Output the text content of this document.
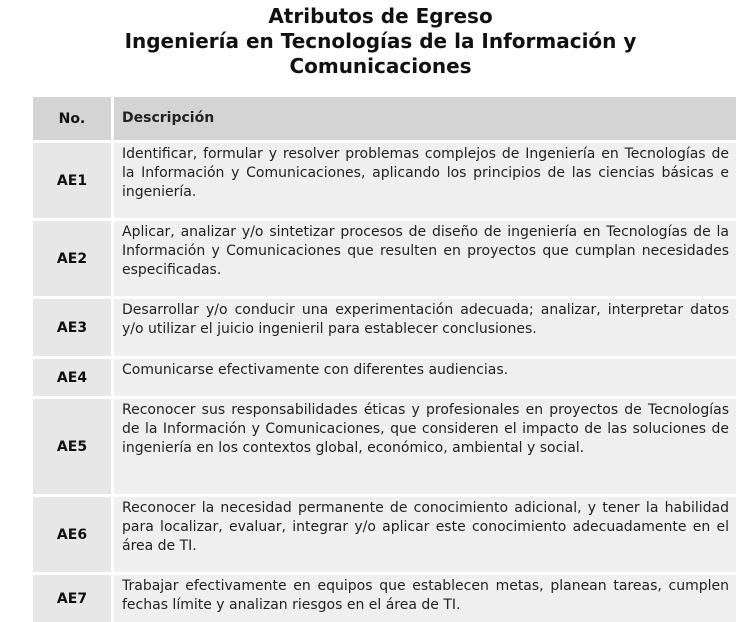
Atributos de Egreso
Ingeniería en Tecnologías de la Información y
Comunicaciones
No.	Descripción
AE1
Identificar, formular y resolver problemas complejos de Ingeniería en Tecnologías de la Información y Comunicaciones, aplicando los principios de las ciencias básicas e ingeniería.
AE2
Aplicar, analizar y/o sintetizar procesos de diseño de ingeniería en Tecnologías de la Información y Comunicaciones que resulten en proyectos que cumplan necesidades especificadas.
AE3
Desarrollar y/o conducir una experimentación adecuada; analizar, interpretar datos y/o utilizar el juicio ingenieril para establecer conclusiones.
AE4	Comunicarse efectivamente con diferentes audiencias.
AE5
Reconocer sus responsabilidades éticas y profesionales en proyectos de Tecnologías de la Información y Comunicaciones, que consideren el impacto de las soluciones de ingeniería en los contextos global, económico, ambiental y social.
AE6
Reconocer la necesidad permanente de conocimiento adicional, y tener la habilidad para localizar, evaluar, integrar y/o aplicar este conocimiento adecuadamente en el área de TI.
AE7
Trabajar efectivamente en equipos que establecen metas, planean tareas, cumplen fechas límite y analizan riesgos en el área de TI.
